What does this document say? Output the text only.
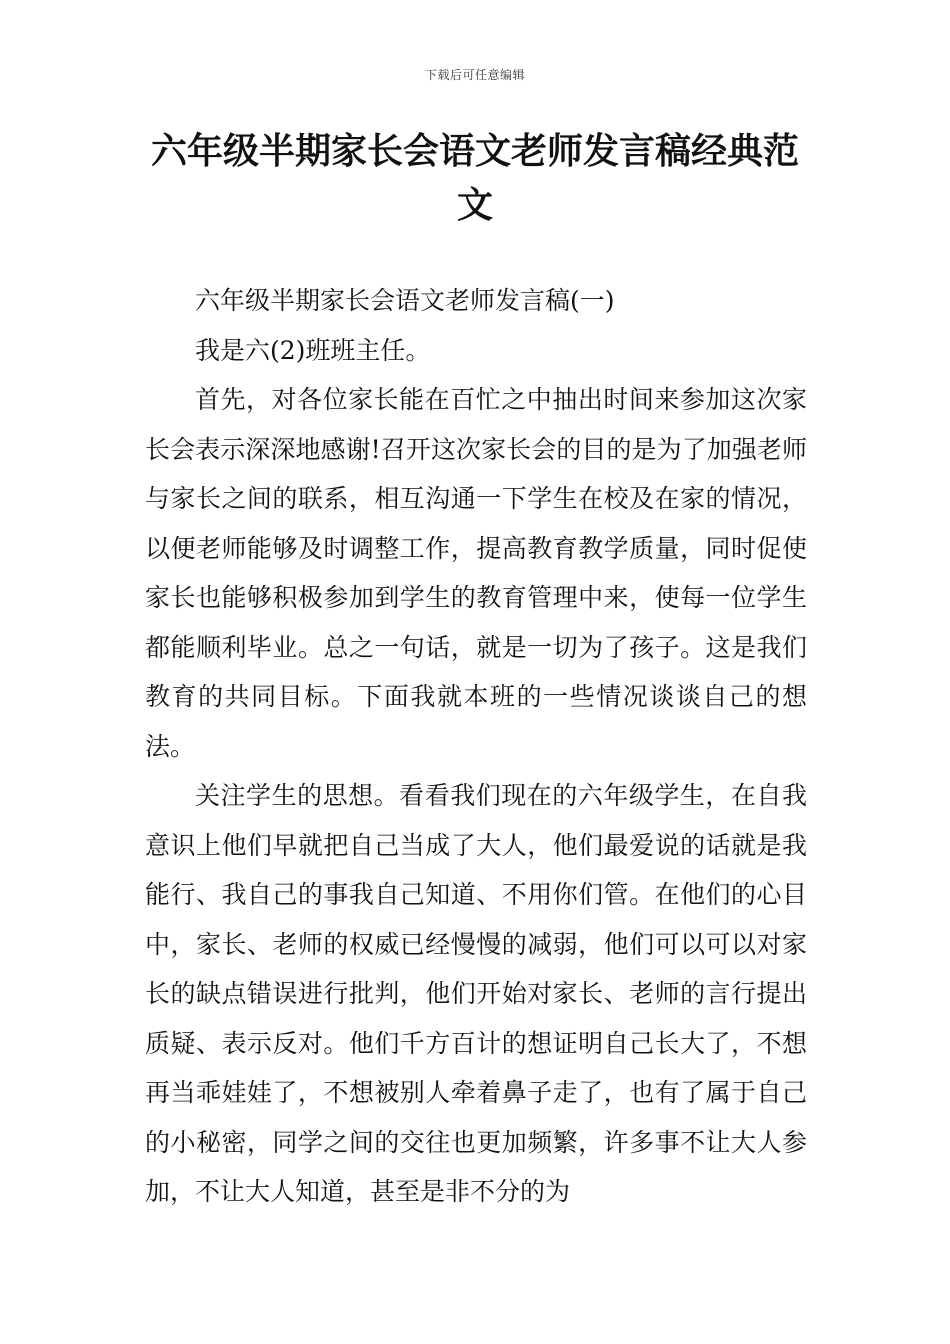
下载后可任意编辑
六年级半期家长会语文老师发言稿经典范文

六年级半期家长会语文老师发言稿(一)

我是六(2)班班主任。

首先，对各位家长能在百忙之中抽出时间来参加这次家长会表示深深地感谢!召开这次家长会的目的是为了加强老师与家长之间的联系，相互沟通一下学生在校及在家的情况，以便老师能够及时调整工作，提高教育教学质量，同时促使家长也能够积极参加到学生的教育管理中来，使每一位学生都能顺利毕业。总之一句话，就是一切为了孩子。这是我们教育的共同目标。下面我就本班的一些情况谈谈自己的想法。

关注学生的思想。看看我们现在的六年级学生，在自我意识上他们早就把自己当成了大人，他们最爱说的话就是我能行、我自己的事我自己知道、不用你们管。在他们的心目中，家长、老师的权威已经慢慢的减弱，他们可以可以对家长的缺点错误进行批判，他们开始对家长、老师的言行提出质疑、表示反对。他们千方百计的想证明自己长大了，不想再当乖娃娃了，不想被别人牵着鼻子走了，也有了属于自己的小秘密，同学之间的交往也更加频繁，许多事不让大人参加，不让大人知道，甚至是非不分的为
